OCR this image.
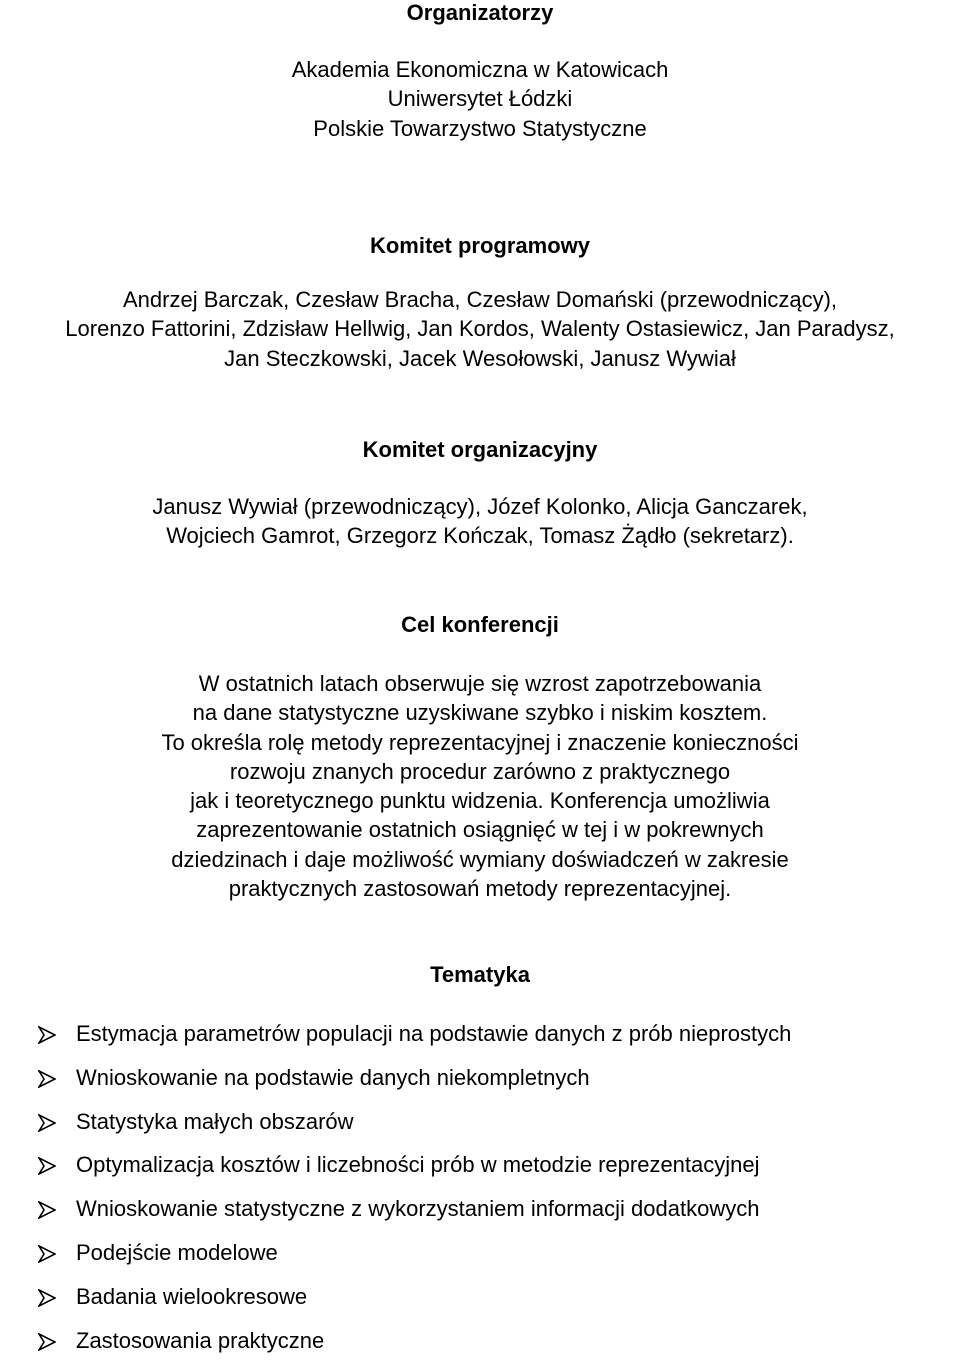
Organizatorzy
Akademia Ekonomiczna w Katowicach
Uniwersytet Łódzki
Polskie Towarzystwo Statystyczne
Komitet programowy
Andrzej Barczak, Czesław Bracha, Czesław Domański (przewodniczący),
Lorenzo Fattorini, Zdzisław Hellwig, Jan Kordos, Walenty Ostasiewicz, Jan Paradysz,
Jan Steczkowski, Jacek Wesołowski, Janusz Wywiał
Komitet organizacyjny
Janusz Wywiał (przewodniczący), Józef Kolonko, Alicja Ganczarek,
Wojciech Gamrot, Grzegorz Kończak, Tomasz Żądło (sekretarz).
Cel konferencji
W ostatnich latach obserwuje się wzrost zapotrzebowania
na dane statystyczne uzyskiwane szybko i niskim kosztem.
To określa rolę metody reprezentacyjnej i znaczenie konieczności
rozwoju znanych procedur zarówno z praktycznego
jak i teoretycznego punktu widzenia. Konferencja umożliwia
zaprezentowanie ostatnich osiągnięć w tej i w pokrewnych
dziedzinach i daje możliwość wymiany doświadczeń w zakresie
praktycznych zastosowań metody reprezentacyjnej.
Tematyka
Estymacja parametrów populacji na podstawie danych z prób nieprostych
Wnioskowanie na podstawie danych niekompletnych
Statystyka małych obszarów
Optymalizacja kosztów i liczebności prób w metodzie reprezentacyjnej
Wnioskowanie statystyczne z wykorzystaniem informacji dodatkowych
Podejście modelowe
Badania wielookresowe
Zastosowania praktyczne
